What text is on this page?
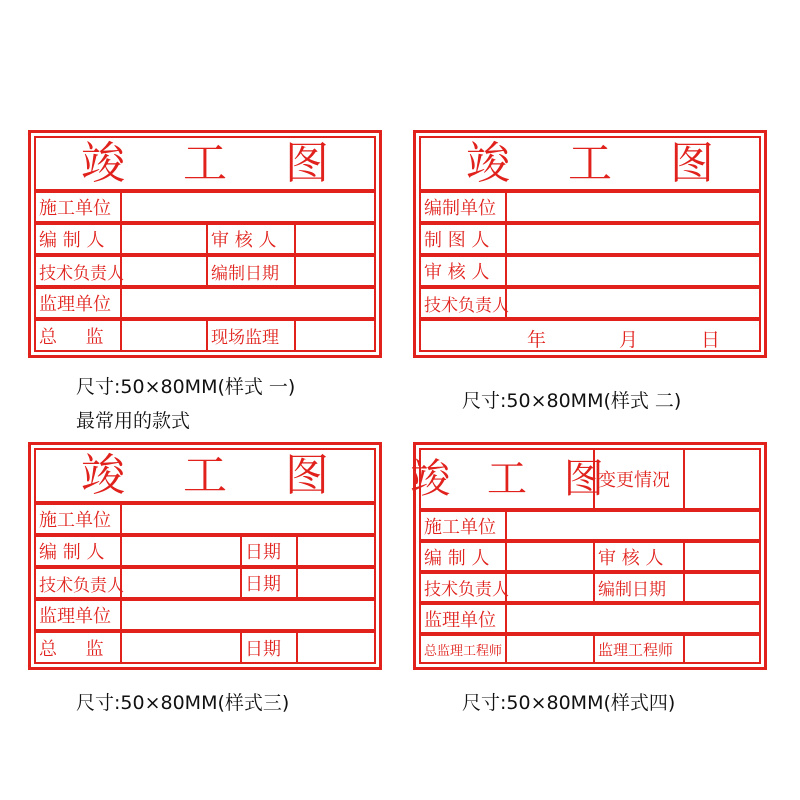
竣 工 图
施工单位
编 制 人	审 核 人
技术负责人	编制日期
监理单位
总     监	现场监理
尺寸:50×80MM(样式 一)
最常用的款式
竣 工 图
编制单位
制 图 人
审 核 人
技术负责人
年	月	日
尺寸:50×80MM(样式 二)
竣 工 图
施工单位
编 制 人	日期
技术负责人	日期
监理单位
总     监	日期
尺寸:50×80MM(样式三)
竣 工 图
变更情况
施工单位
编 制 人	审 核 人
技术负责人	编制日期
监理单位
总监理工程师	监理工程师
尺寸:50×80MM(样式四)
